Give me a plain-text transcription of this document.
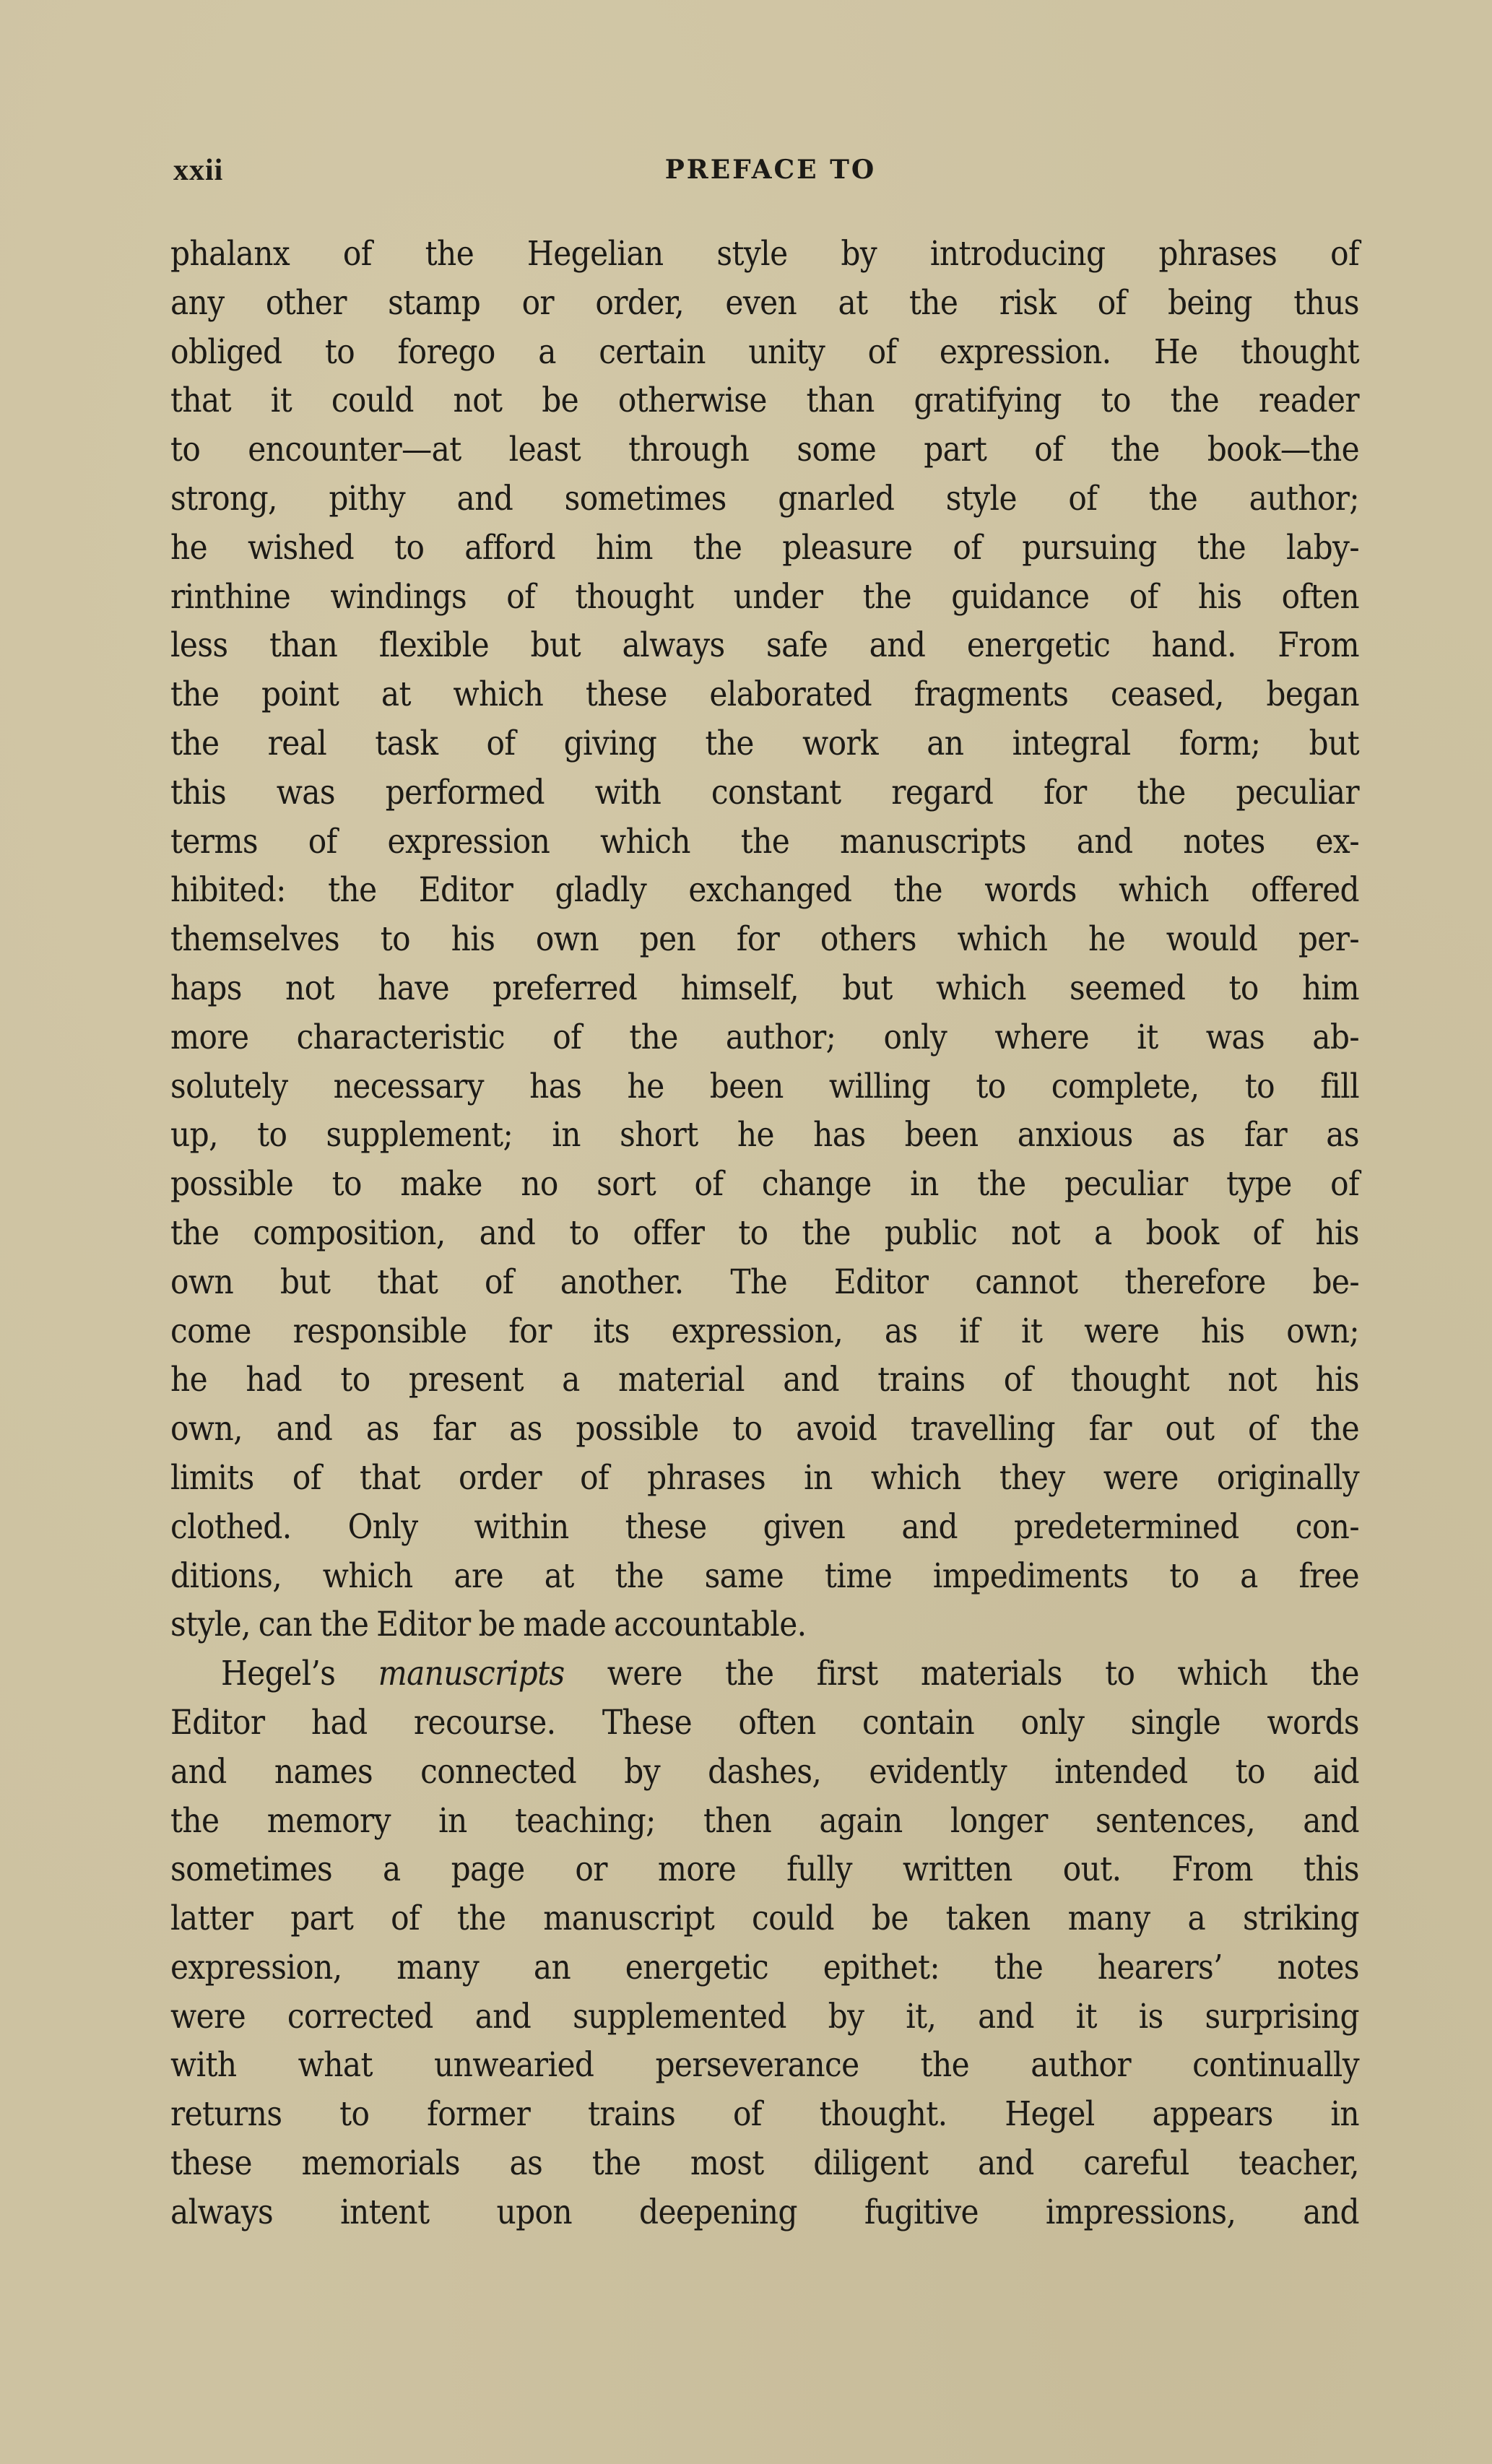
xxii	PREFACE TO
phalanx of the Hegelian style by introducing phrases of
any other stamp or order, even at the risk of being thus
obliged to forego a certain unity of expression. He thought
that it could not be otherwise than gratifying to the reader
to encounter—at least through some part of the book—the
strong, pithy and sometimes gnarled style of the author;
he wished to afford him the pleasure of pursuing the laby-
rinthine windings of thought under the guidance of his often
less than flexible but always safe and energetic hand. From
the point at which these elaborated fragments ceased, began
the real task of giving the work an integral form; but
this was performed with constant regard for the peculiar
terms of expression which the manuscripts and notes ex-
hibited: the Editor gladly exchanged the words which offered
themselves to his own pen for others which he would per-
haps not have preferred himself, but which seemed to him
more characteristic of the author; only where it was ab-
solutely necessary has he been willing to complete, to fill
up, to supplement; in short he has been anxious as far as
possible to make no sort of change in the peculiar type of
the composition, and to offer to the public not a book of his
own but that of another. The Editor cannot therefore be-
come responsible for its expression, as if it were his own;
he had to present a material and trains of thought not his
own, and as far as possible to avoid travelling far out of the
limits of that order of phrases in which they were originally
clothed. Only within these given and predetermined con-
ditions, which are at the same time impediments to a free
style, can the Editor be made accountable.
Hegel’s manuscripts were the first materials to which the
Editor had recourse. These often contain only single words
and names connected by dashes, evidently intended to aid
the memory in teaching; then again longer sentences, and
sometimes a page or more fully written out. From this
latter part of the manuscript could be taken many a striking
expression, many an energetic epithet: the hearers’ notes
were corrected and supplemented by it, and it is surprising
with what unwearied perseverance the author continually
returns to former trains of thought. Hegel appears in
these memorials as the most diligent and careful teacher,
always intent upon deepening fugitive impressions, and
